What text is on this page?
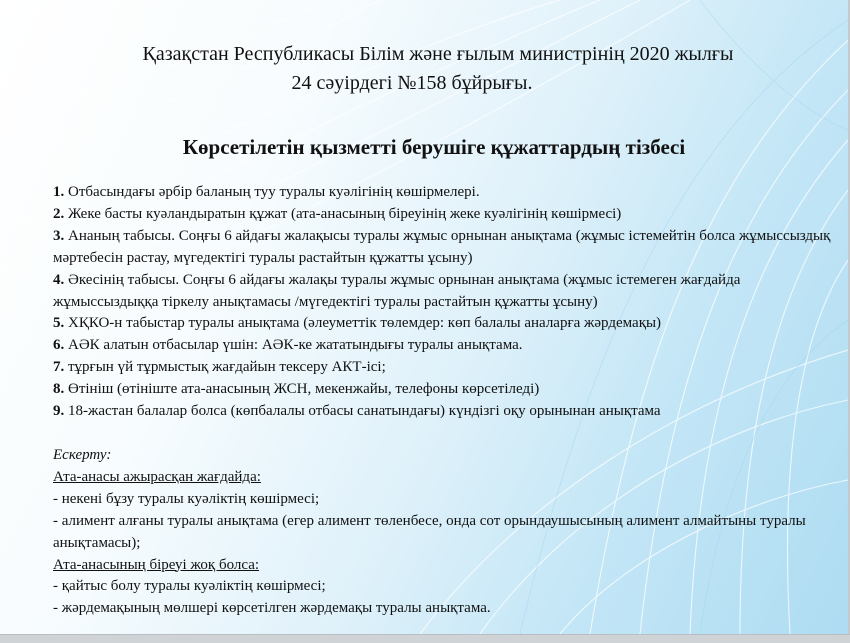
Қазақстан Республикасы Білім және ғылым министрінің 2020 жылғы
24 сәуірдегі №158 бұйрығы.
Көрсетілетін қызметті берушіге құжаттардың тізбесі

1. Отбасындағы әрбір баланың туу туралы куәлігінің көшірмелері.

2. Жеке басты куәландыратын құжат (ата-анасының біреуінің жеке куәлігінің көшірмесі)

3. Ананың табысы. Соңғы 6 айдағы жалақысы туралы жұмыс орнынан анықтама (жұмыс істемейтін болса жұмыссыздық мәртебесін растау, мүгедектігі туралы растайтын құжатты ұсыну)

4. Әкесінің табысы. Соңғы 6 айдағы жалақы туралы жұмыс орнынан анықтама (жұмыс істемеген жағдайда жұмыссыздыққа тіркелу анықтамасы /мүгедектігі туралы растайтын құжатты ұсыну)

5. ХҚКО-н табыстар туралы анықтама (әлеуметтік төлемдер: көп балалы аналарға жәрдемақы)

6. АӘК алатын отбасылар үшін: АӘК-ке жататындығы туралы анықтама.

7. тұрғын үй тұрмыстық жағдайын тексеру АКТ-ісі;

8. Өтініш (өтініште ата-анасының ЖСН, мекенжайы, телефоны көрсетіледі)

9. 18-жастан балалар болса (көпбалалы отбасы санатындағы) күндізгі оқу орынынан анықтама

Ескерту:

Ата-анасы ажырасқан жағдайда:

- некені бұзу туралы куәліктің көшірмесі;

- алимент алғаны туралы анықтама (егер алимент төленбесе, онда сот орындаушысының алимент алмайтыны туралы анықтамасы);

Ата-анасының біреуі жоқ болса:

- қайтыс болу туралы куәліктің көшірмесі;

- жәрдемақының мөлшері көрсетілген жәрдемақы туралы анықтама.
